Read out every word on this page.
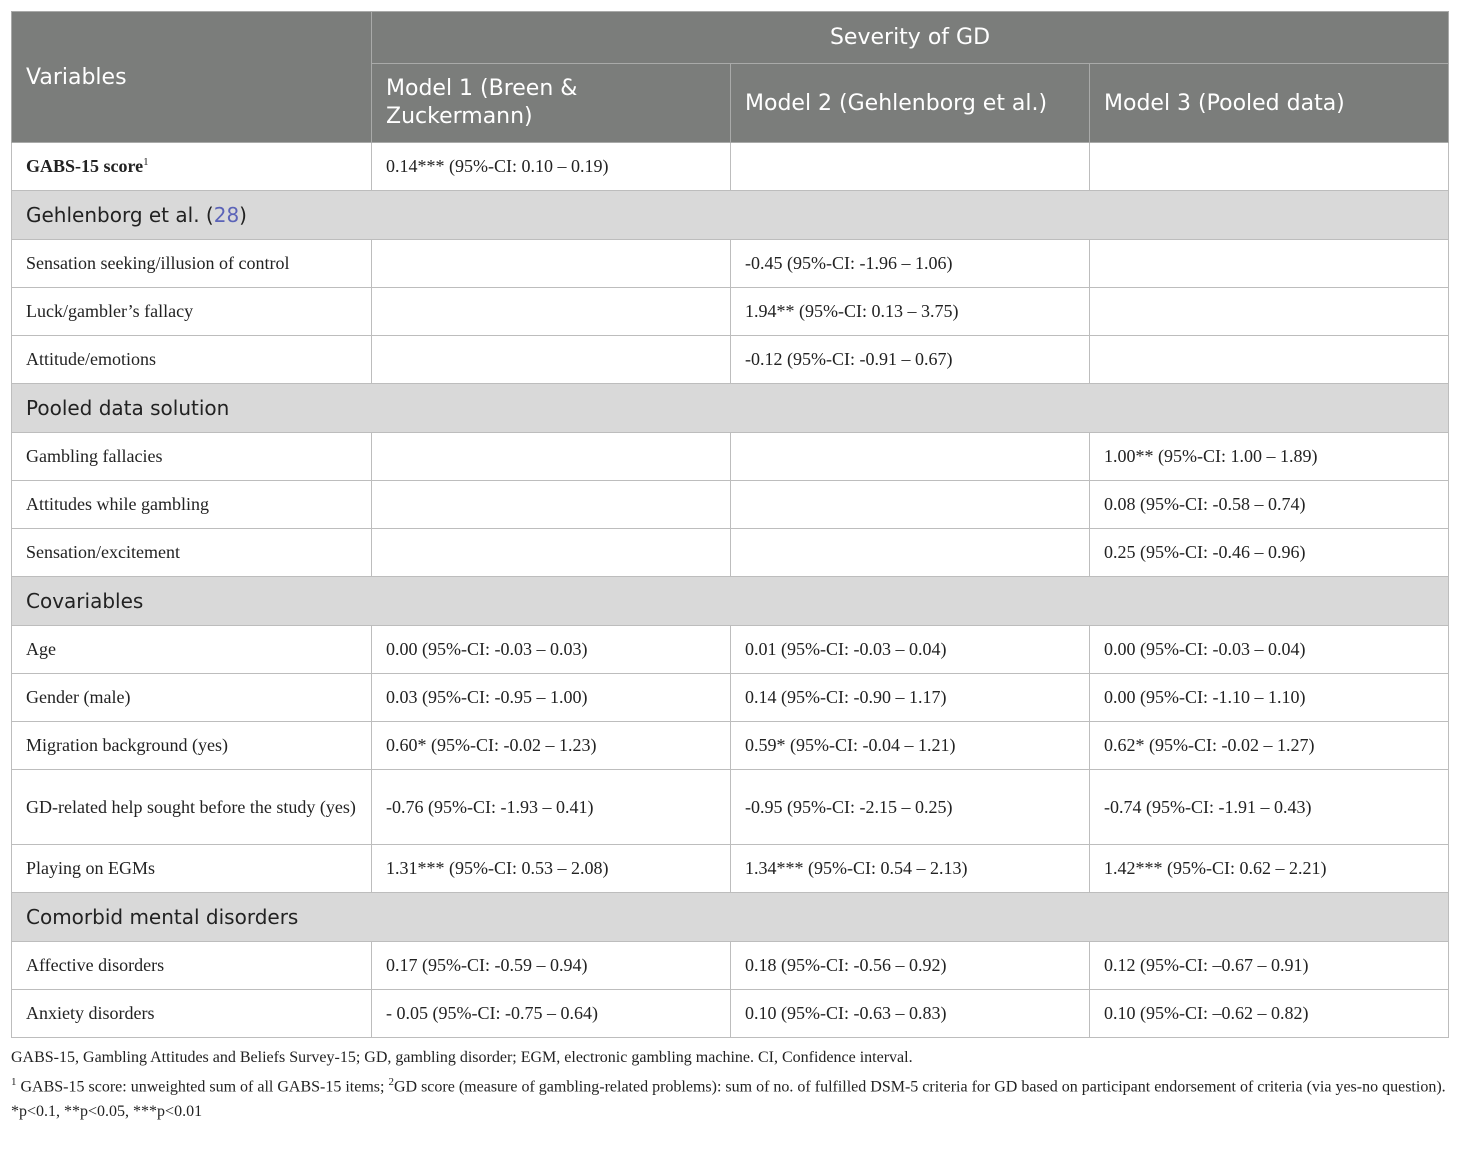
Variables	Severity of GD		
	Model 1 (Breen & Zuckermann)	Model 2 (Gehlenborg et al.)	Model 3 (Pooled data)
GABS-15 score$^1$	0.14*** (95%-CI: 0.10 – 0.19)		
Gehlenborg et al. (28)			
Sensation seeking/illusion of control		-0.45 (95%-CI: -1.96 – 1.06)	
Luck/gambler’s fallacy		1.94** (95%-CI: 0.13 – 3.75)	
Attitude/emotions		-0.12 (95%-CI: -0.91 – 0.67)	
Pooled data solution			
Gambling fallacies			1.00** (95%-CI: 1.00 – 1.89)
Attitudes while gambling			0.08 (95%-CI: -0.58 – 0.74)
Sensation/excitement			0.25 (95%-CI: -0.46 – 0.96)
Covariables			
Age	0.00 (95%-CI: -0.03 – 0.03)	0.01 (95%-CI: -0.03 – 0.04)	0.00 (95%-CI: -0.03 – 0.04)
Gender (male)	0.03 (95%-CI: -0.95 – 1.00)	0.14 (95%-CI: -0.90 – 1.17)	0.00 (95%-CI: -1.10 – 1.10)
Migration background (yes)	0.60* (95%-CI: -0.02 – 1.23)	0.59* (95%-CI: -0.04 – 1.21)	0.62* (95%-CI: -0.02 – 1.27)
GD-related help sought before the study (yes)	-0.76 (95%-CI: -1.93 – 0.41)	-0.95 (95%-CI: -2.15 – 0.25)	-0.74 (95%-CI: -1.91 – 0.43)
Playing on EGMs	1.31*** (95%-CI: 0.53 – 2.08)	1.34*** (95%-CI: 0.54 – 2.13)	1.42*** (95%-CI: 0.62 – 2.21)
Comorbid mental disorders			
Affective disorders	0.17 (95%-CI: -0.59 – 0.94)	0.18 (95%-CI: -0.56 – 0.92)	0.12 (95%-CI: –0.67 – 0.91)
Anxiety disorders	- 0.05 (95%-CI: -0.75 – 0.64)	0.10 (95%-CI: -0.63 – 0.83)	0.10 (95%-CI: –0.62 – 0.82)

GABS-15, Gambling Attitudes and Beliefs Survey-15; GD, gambling disorder; EGM, electronic gambling machine. CI, Confidence interval.

$^1$ GABS-15 score: unweighted sum of all GABS-15 items; $^2$GD score (measure of gambling-related problems): sum of no. of fulfilled DSM-5 criteria for GD based on participant endorsement of criteria (via yes-no question).

*p<0.1, **p<0.05, ***p<0.01
